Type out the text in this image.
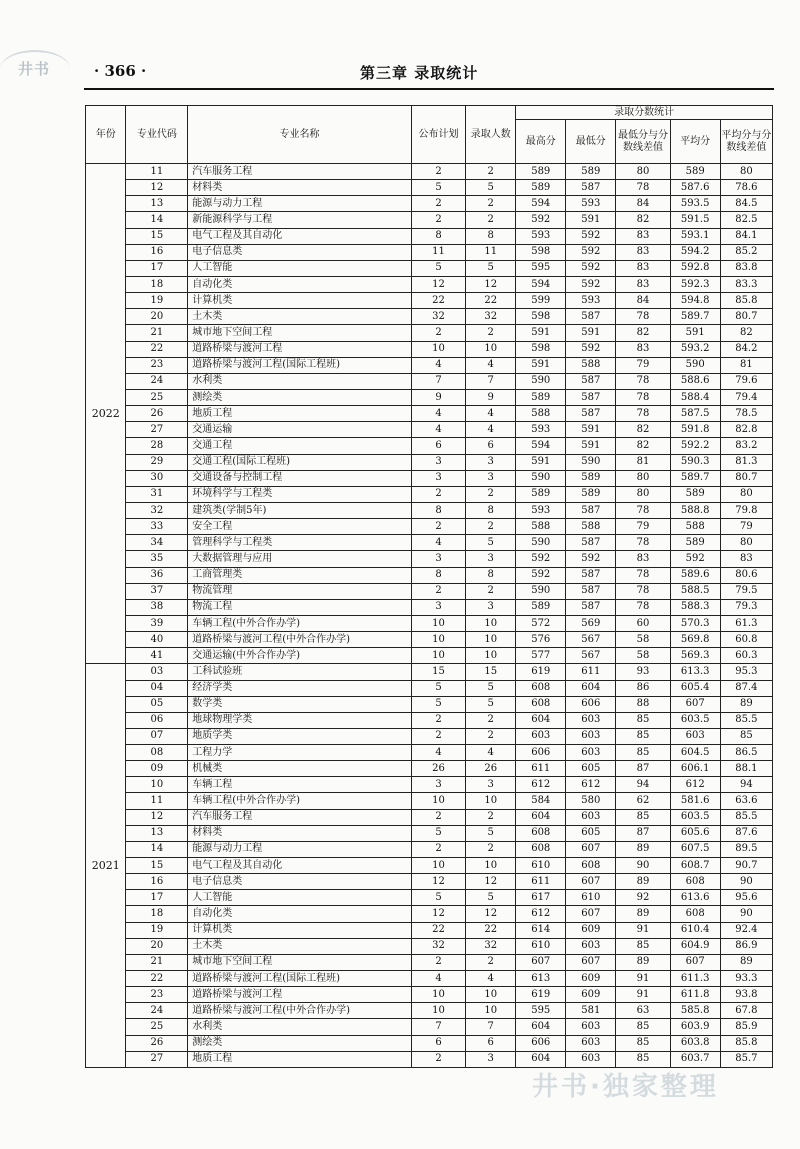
井书	· 366 ·	第三章 录取统计
年份	专业代码	专业名称	公布计划	录取人数	录取分数统计				
					最高分	最低分	最低分与分数线差值	平均分	平均分与分数线差值
2022	11	汽车服务工程	2	2	589	589	80	589	80
	12	材料类	5	5	589	587	78	587.6	78.6
	13	能源与动力工程	2	2	594	593	84	593.5	84.5
	14	新能源科学与工程	2	2	592	591	82	591.5	82.5
	15	电气工程及其自动化	8	8	593	592	83	593.1	84.1
	16	电子信息类	11	11	598	592	83	594.2	85.2
	17	人工智能	5	5	595	592	83	592.8	83.8
	18	自动化类	12	12	594	592	83	592.3	83.3
	19	计算机类	22	22	599	593	84	594.8	85.8
	20	土木类	32	32	598	587	78	589.7	80.7
	21	城市地下空间工程	2	2	591	591	82	591	82
	22	道路桥梁与渡河工程	10	10	598	592	83	593.2	84.2
	23	道路桥梁与渡河工程(国际工程班)	4	4	591	588	79	590	81
	24	水利类	7	7	590	587	78	588.6	79.6
	25	测绘类	9	9	589	587	78	588.4	79.4
	26	地质工程	4	4	588	587	78	587.5	78.5
	27	交通运输	4	4	593	591	82	591.8	82.8
	28	交通工程	6	6	594	591	82	592.2	83.2
	29	交通工程(国际工程班)	3	3	591	590	81	590.3	81.3
	30	交通设备与控制工程	3	3	590	589	80	589.7	80.7
	31	环境科学与工程类	2	2	589	589	80	589	80
	32	建筑类(学制5年)	8	8	593	587	78	588.8	79.8
	33	安全工程	2	2	588	588	79	588	79
	34	管理科学与工程类	4	5	590	587	78	589	80
	35	大数据管理与应用	3	3	592	592	83	592	83
	36	工商管理类	8	8	592	587	78	589.6	80.6
	37	物流管理	2	2	590	587	78	588.5	79.5
	38	物流工程	3	3	589	587	78	588.3	79.3
	39	车辆工程(中外合作办学)	10	10	572	569	60	570.3	61.3
	40	道路桥梁与渡河工程(中外合作办学)	10	10	576	567	58	569.8	60.8
	41	交通运输(中外合作办学)	10	10	577	567	58	569.3	60.3
2021	03	工科试验班	15	15	619	611	93	613.3	95.3
	04	经济学类	5	5	608	604	86	605.4	87.4
	05	数学类	5	5	608	606	88	607	89
	06	地球物理学类	2	2	604	603	85	603.5	85.5
	07	地质学类	2	2	603	603	85	603	85
	08	工程力学	4	4	606	603	85	604.5	86.5
	09	机械类	26	26	611	605	87	606.1	88.1
	10	车辆工程	3	3	612	612	94	612	94
	11	车辆工程(中外合作办学)	10	10	584	580	62	581.6	63.6
	12	汽车服务工程	2	2	604	603	85	603.5	85.5
	13	材料类	5	5	608	605	87	605.6	87.6
	14	能源与动力工程	2	2	608	607	89	607.5	89.5
	15	电气工程及其自动化	10	10	610	608	90	608.7	90.7
	16	电子信息类	12	12	611	607	89	608	90
	17	人工智能	5	5	617	610	92	613.6	95.6
	18	自动化类	12	12	612	607	89	608	90
	19	计算机类	22	22	614	609	91	610.4	92.4
	20	土木类	32	32	610	603	85	604.9	86.9
	21	城市地下空间工程	2	2	607	607	89	607	89
	22	道路桥梁与渡河工程(国际工程班)	4	4	613	609	91	611.3	93.3
	23	道路桥梁与渡河工程	10	10	619	609	91	611.8	93.8
	24	道路桥梁与渡河工程(中外合作办学)	10	10	595	581	63	585.8	67.8
	25	水利类	7	7	604	603	85	603.9	85.9
	26	测绘类	6	6	606	603	85	603.8	85.8
	27	地质工程	2	3	604	603	85	603.7	85.7
井书·独家整理
